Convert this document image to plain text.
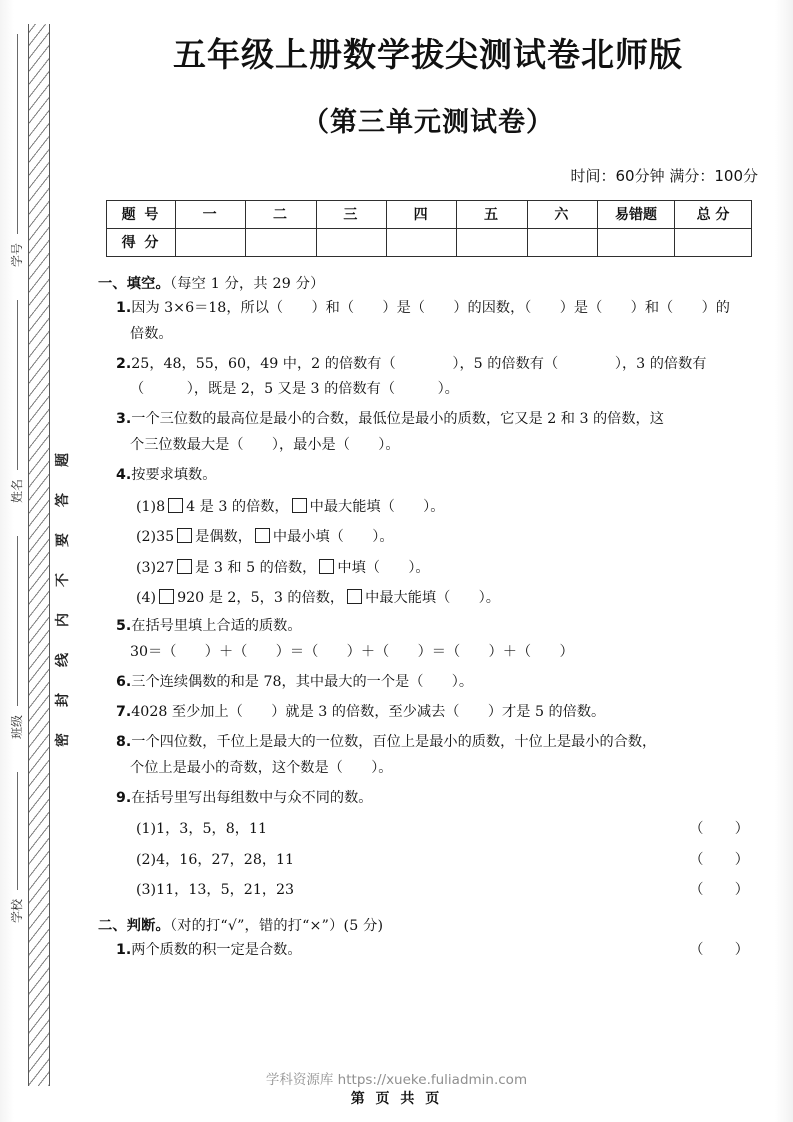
密
封
线
内
不
要
答
题
学号
姓名
班级
学校
五年级上册数学拔尖测试卷北师版
（第三单元测试卷）

时间：60分钟 满分：100分

题 号	一	二	三	四	五	六	易错题	总 分
得 分								
一、填空。（每空 1 分，共 29 分）
1.因为 3×6＝18，所以（　　）和（　　）是（　　）的因数，（　　）是（　　）和（　　）的
倍数。
2.25，48，55，60，49 中，2 的倍数有（　　　　），5 的倍数有（　　　　），3 的倍数有
（　　　），既是 2，5 又是 3 的倍数有（　　　）。
3.一个三位数的最高位是最小的合数，最低位是最小的质数，它又是 2 和 3 的倍数，这
个三位数最大是（　　），最小是（　　）。
4.按要求填数。
(1)8 4 是 3 的倍数， 中最大能填（　　）。
(2)35 是偶数， 中最小填（　　）。
(3)27 是 3 和 5 的倍数， 中填（　　）。
(4) 920 是 2，5，3 的倍数， 中最大能填（　　）。
5.在括号里填上合适的质数。
30＝（　　）＋（　　）＝（　　）＋（　　）＝（　　）＋（　　）
6.三个连续偶数的和是 78，其中最大的一个是（　　）。
7.4028 至少加上（　　）就是 3 的倍数，至少减去（　　）才是 5 的倍数。
8.一个四位数，千位上是最大的一位数，百位上是最小的质数，十位上是最小的合数，
个位上是最小的奇数，这个数是（　　）。
9.在括号里写出每组数中与众不同的数。
（　　）
(1)1，3，5，8，11
（　　）
(2)4，16，27，28，11
（　　）
(3)11，13，5，21，23
二、判断。（对的打“√”，错的打“×”）(5 分)
（　　）
1.两个质数的积一定是合数。
学科资源库 https://xueke.fuliadmin.com
第 页 共 页
